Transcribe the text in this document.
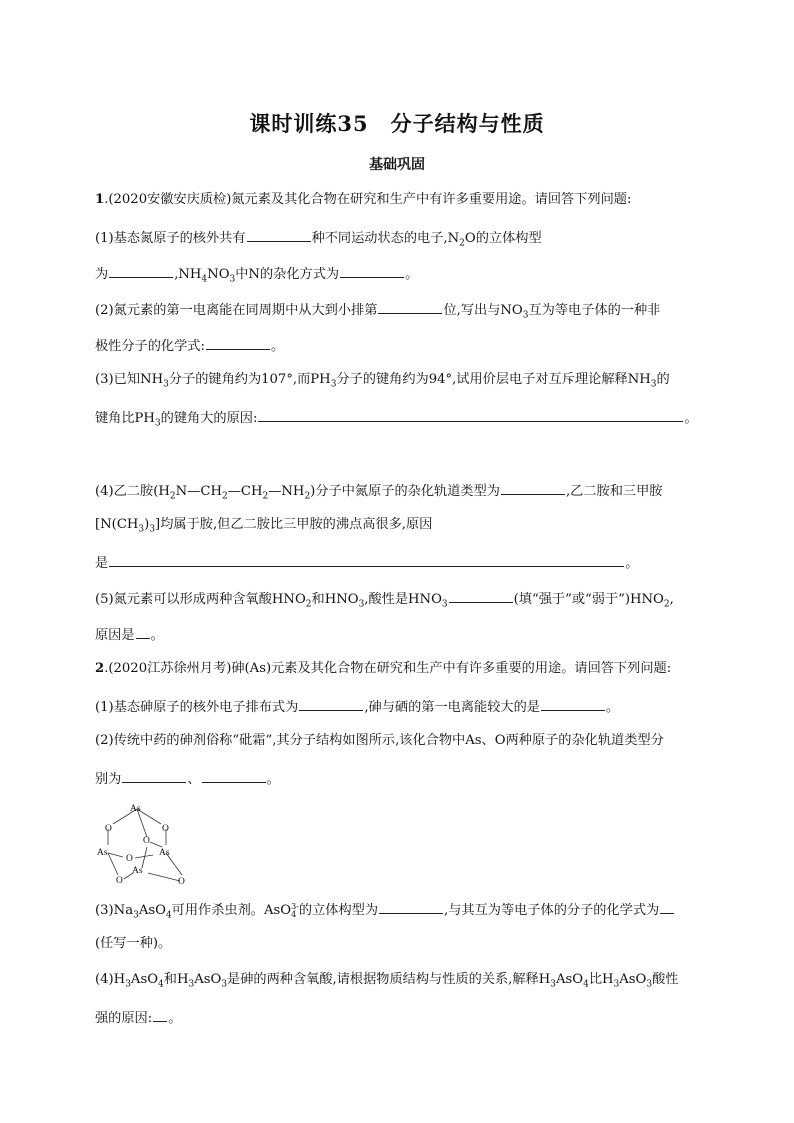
课时训练35　分子结构与性质
基础巩固

1.(2020安徽安庆质检)氮元素及其化合物在研究和生产中有许多重要用途。请回答下列问题:

(1)基态氮原子的核外共有	种不同运动状态的电子$,N_2O$的立体构型

为	$,NH_4NO_3$中N的杂化方式为	。

(2)氮元素的第一电离能在同周期中从大到小排第	位,写出与$NO_3$互为等电子体的一种非

极性分子的化学式:	。

(3)已知$NH_3$分子的键角约为107°,而$PH_3$分子的键角约为94°,试用价层电子对互斥理论解释$NH_3$的

键角比$PH_3$的键角大的原因:	。

(4)乙二胺$(H_2N—CH_2—CH_2—NH_2)$分子中氮原子的杂化轨道类型为	,乙二胺和三甲胺

$[N(CH_3)_3]$均属于胺,但乙二胺比三甲胺的沸点高很多,原因

是	。

(5)氮元素可以形成两种含氧酸$HNO_2$和$HNO_3$,酸性是$HNO_3$	(填“强于”或“弱于$”)HNO_2$,

原因是 。

2.(2020江苏徐州月考)砷(As)元素及其化合物在研究和生产中有许多重要的用途。请回答下列问题:

(1)基态砷原子的核外电子排布式为	,砷与硒的第一电离能较大的是	。

(2)传统中药的砷剂俗称“砒霜”,其分子结构如图所示,该化合物中As、O两种原子的杂化轨道类型分

别为	、	。

As
O	O
O
As
O
As
As
O	O

$(3)Na_3AsO_4$可用作杀虫剂。AsO 3-
4 的立体构型为	,与其互为等电子体的分子的化学式为

(任写一种)。

$(4)H_3AsO_4$和$H_3AsO_3$是砷的两种含氧酸,请根据物质结构与性质的关系,解释$H_3AsO_4$比$H_3AsO_3$酸性

强的原因: 。
